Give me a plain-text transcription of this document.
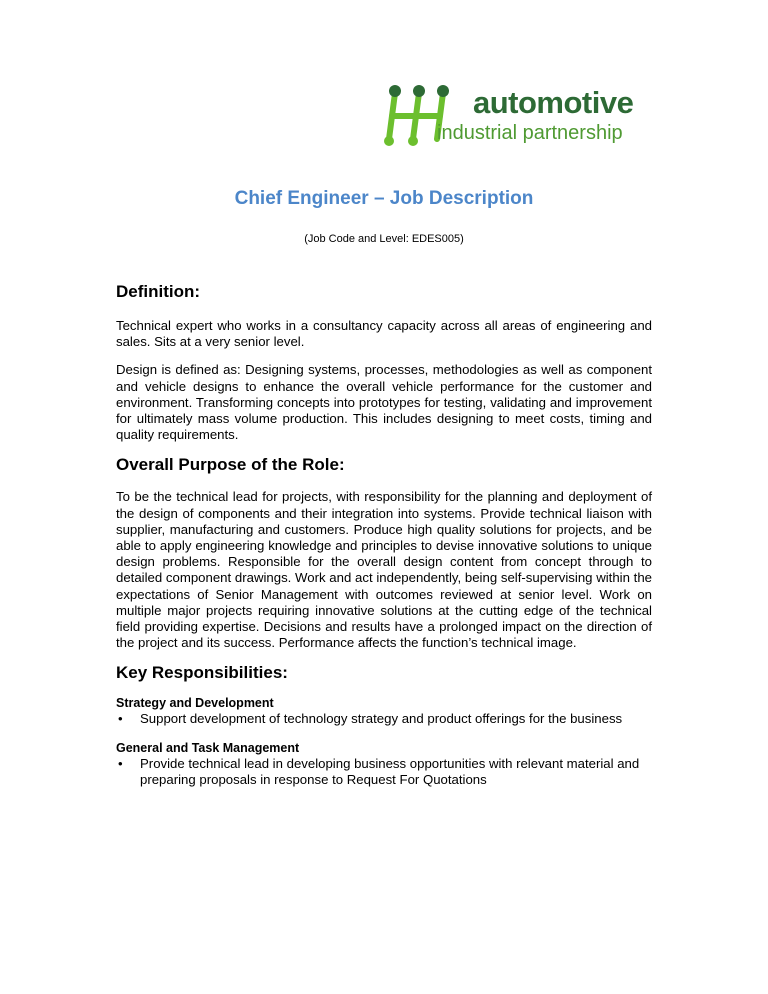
automotive
industrial partnership
Chief Engineer – Job Description
(Job Code and Level: EDES005)
Definition:

Technical expert who works in a consultancy capacity across all areas of engineering and sales. Sits at a very senior level.

Design is defined as: Designing systems, processes, methodologies as well as component and vehicle designs to enhance the overall vehicle performance for the customer and environment. Transforming concepts into prototypes for testing, validating and improvement for ultimately mass volume production. This includes designing to meet costs, timing and quality requirements.

Overall Purpose of the Role:

To be the technical lead for projects, with responsibility for the planning and deployment of the design of components and their integration into systems. Provide technical liaison with supplier, manufacturing and customers. Produce high quality solutions for projects, and be able to apply engineering knowledge and principles to devise innovative solutions to unique design problems. Responsible for the overall design content from concept through to detailed component drawings. Work and act independently, being self-supervising within the expectations of Senior Management with outcomes reviewed at senior level. Work on multiple major projects requiring innovative solutions at the cutting edge of the technical field providing expertise. Decisions and results have a prolonged impact on the direction of the project and its success. Performance affects the function’s technical image.

Key Responsibilities:
Strategy and Development
• Support development of technology strategy and product offerings for the business
General and Task Management
• Provide technical lead in developing business opportunities with relevant material and preparing proposals in response to Request For Quotations
